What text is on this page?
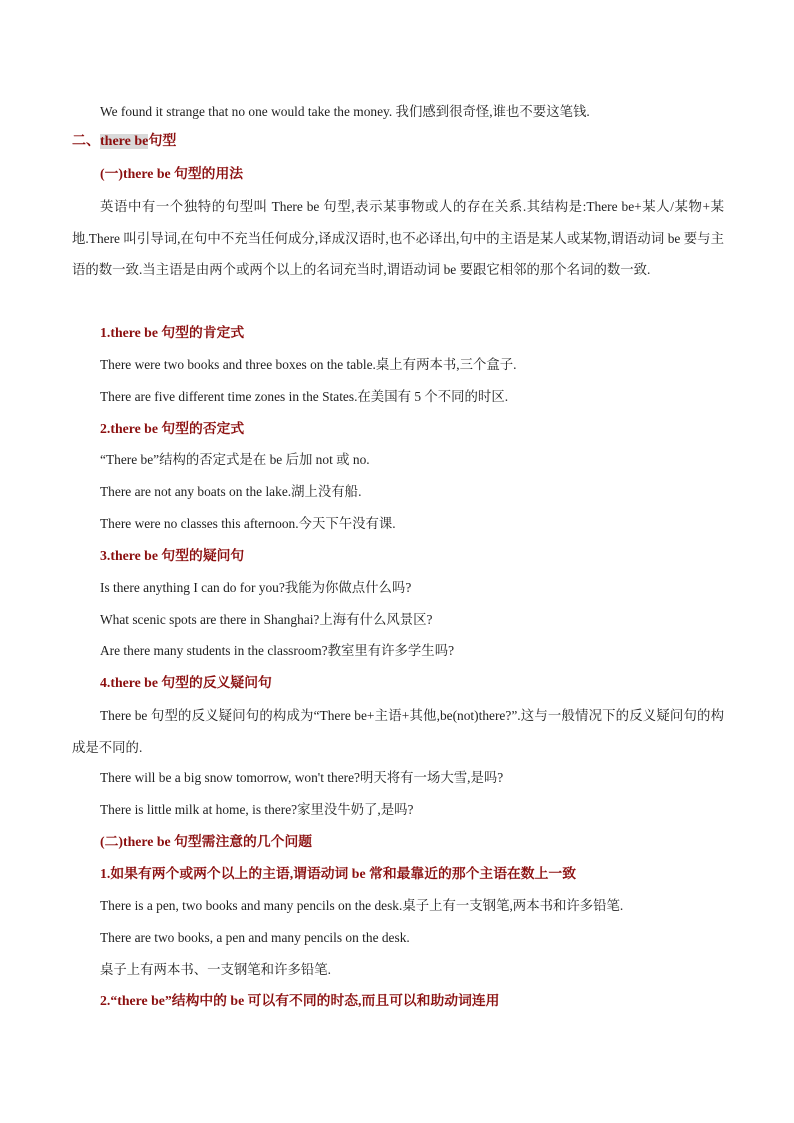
We found it strange that no one would take the money. 我们感到很奇怪,谁也不要这笔钱.
二、there be句型
(一)there be 句型的用法
英语中有一个独特的句型叫 There be 句型,表示某事物或人的存在关系.其结构是:There be+某人/某物+某地.There 叫引导词,在句中不充当任何成分,译成汉语时,也不必译出,句中的主语是某人或某物,谓语动词 be 要与主语的数一致.当主语是由两个或两个以上的名词充当时,谓语动词 be 要跟它相邻的那个名词的数一致.
1.there be 句型的肯定式
There were two books and three boxes on the table.桌上有两本书,三个盒子.
There are five different time zones in the States.在美国有 5 个不同的时区.
2.there be 句型的否定式
“There be”结构的否定式是在 be 后加 not 或 no.
There are not any boats on the lake.湖上没有船.
There were no classes this afternoon.今天下午没有课.
3.there be 句型的疑问句
Is there anything I can do for you?我能为你做点什么吗?
What scenic spots are there in Shanghai?上海有什么风景区?
Are there many students in the classroom?教室里有许多学生吗?
4.there be 句型的反义疑问句
There be 句型的反义疑问句的构成为“There be+主语+其他,be(not)there?”.这与一般情况下的反义疑问句的构成是不同的.
There will be a big snow tomorrow, won't there?明天将有一场大雪,是吗?
There is little milk at home, is there?家里没牛奶了,是吗?
(二)there be 句型需注意的几个问题
1.如果有两个或两个以上的主语,谓语动词 be 常和最靠近的那个主语在数上一致
There is a pen, two books and many pencils on the desk.桌子上有一支钢笔,两本书和许多铅笔.
There are two books, a pen and many pencils on the desk.
桌子上有两本书、一支钢笔和许多铅笔.
2.“there be”结构中的 be 可以有不同的时态,而且可以和助动词连用
